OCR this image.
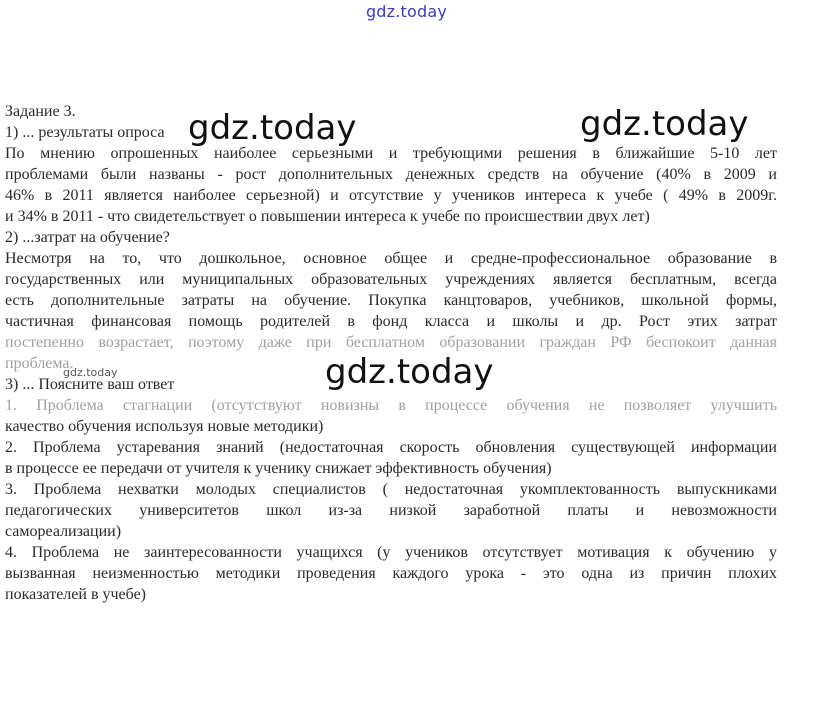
gdz.today

Задание 3.

1) ... результаты опроса

По мнению опрошенных наиболее серьезными и требующими решения в ближайшие 5-10 лет

проблемами были названы - рост дополнительных денежных средств на обучение (40% в 2009 и

46% в 2011 является наиболее серьезной) и отсутствие у учеников интереса к учебе ( 49% в 2009г.

и 34% в 2011 - что свидетельствует о повышении интереса к учебе по происшествии двух лет)

2) ...затрат на обучение?

Несмотря на то, что дошкольное, основное общее и средне-профессиональное образование в

государственных или муниципальных образовательных учреждениях является бесплатным, всегда

есть дополнительные затраты на обучение. Покупка канцтоваров, учебников, школьной формы,

частичная финансовая помощь родителей в фонд класса и школы и др. Рост этих затрат

3) ... Поясните ваш ответ

качество обучения используя новые методики)

2. Проблема устаревания знаний (недостаточная скорость обновления существующей информации

в процессе ее передачи от учителя к ученику снижает эффективность обучения)

3. Проблема нехватки молодых специалистов ( недостаточная укомплектованность выпускниками

педагогических университетов школ из-за низкой заработной платы и невозможности

самореализации)

4. Проблема не заинтересованности учащихся (у учеников отсутствует мотивация к обучению у

вызванная неизменностью методики проведения каждого урока - это одна из причин плохих

показателей в учебе)

gdz.today	gdz.today
gdz.today
gdz.today
